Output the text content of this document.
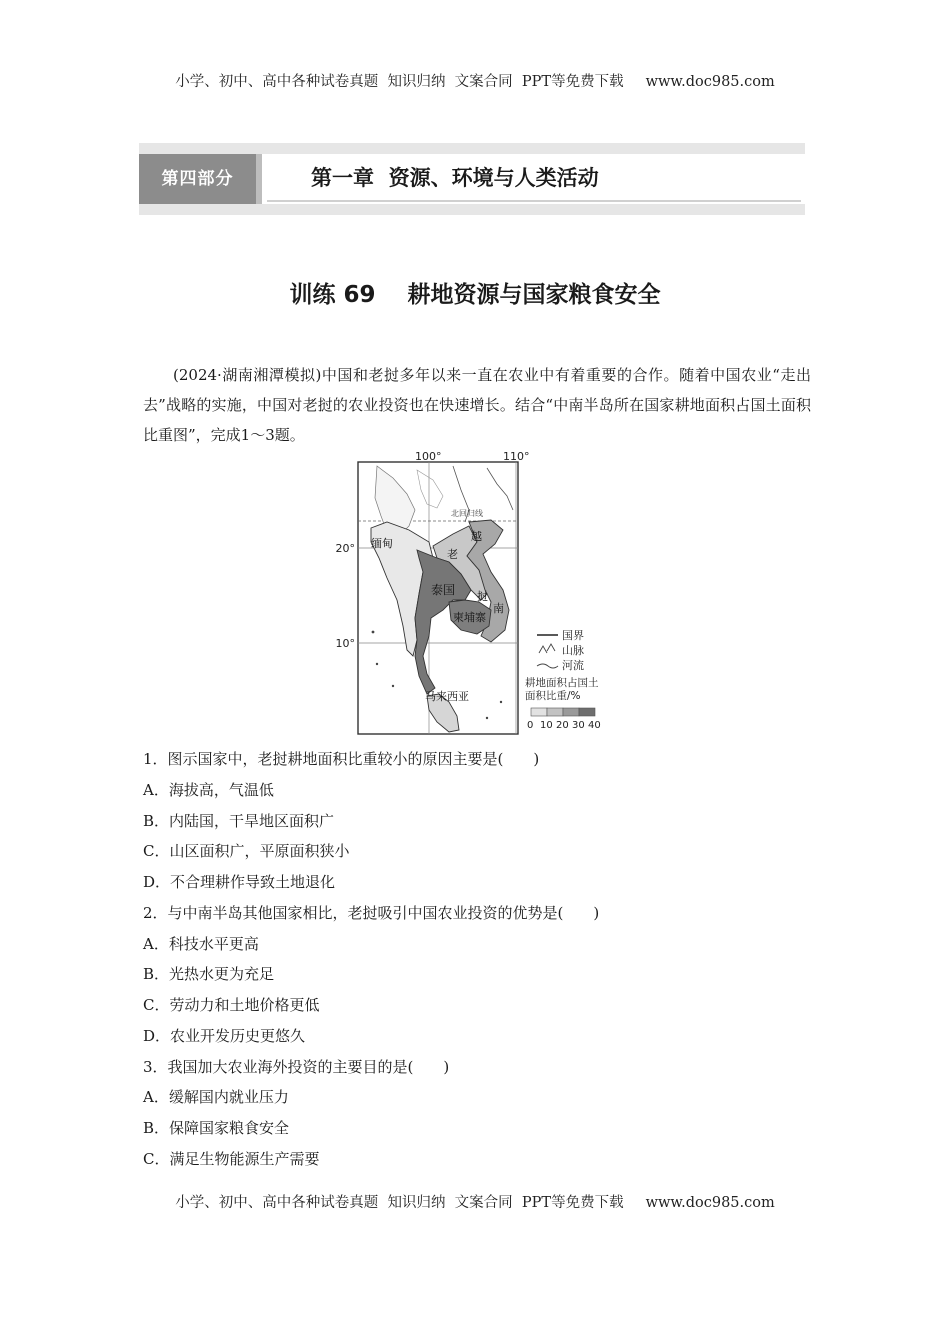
小学、初中、高中各种试卷真题  知识归纳  文案合同  PPT等免费下载 www.doc985.com
第四部分	第一章  资源、环境与人类活动
训练 69    耕地资源与国家粮食安全
(2024·湖南湘潭模拟)中国和老挝多年以来一直在农业中有着重要的合作。随着中国农业“走出去”战略的实施，中国对老挝的农业投资也在快速增长。结合“中南半岛所在国家耕地面积占国土面积比重图”，完成1～3题。
100°	110°
20°
10°
北回归线
缅甸
老
越
泰国 挝
南
柬埔寨
马来西亚
国界
山脉
河流
耕地面积占国土
面积比重/%
0 10 20 30 40
1．图示国家中，老挝耕地面积比重较小的原因主要是(　　)
A．海拔高，气温低
B．内陆国，干旱地区面积广
C．山区面积广，平原面积狭小
D．不合理耕作导致土地退化
2．与中南半岛其他国家相比，老挝吸引中国农业投资的优势是(　　)
A．科技水平更高
B．光热水更为充足
C．劳动力和土地价格更低
D．农业开发历史更悠久
3．我国加大农业海外投资的主要目的是(　　)
A．缓解国内就业压力
B．保障国家粮食安全
C．满足生物能源生产需要
小学、初中、高中各种试卷真题  知识归纳  文案合同  PPT等免费下载 www.doc985.com
